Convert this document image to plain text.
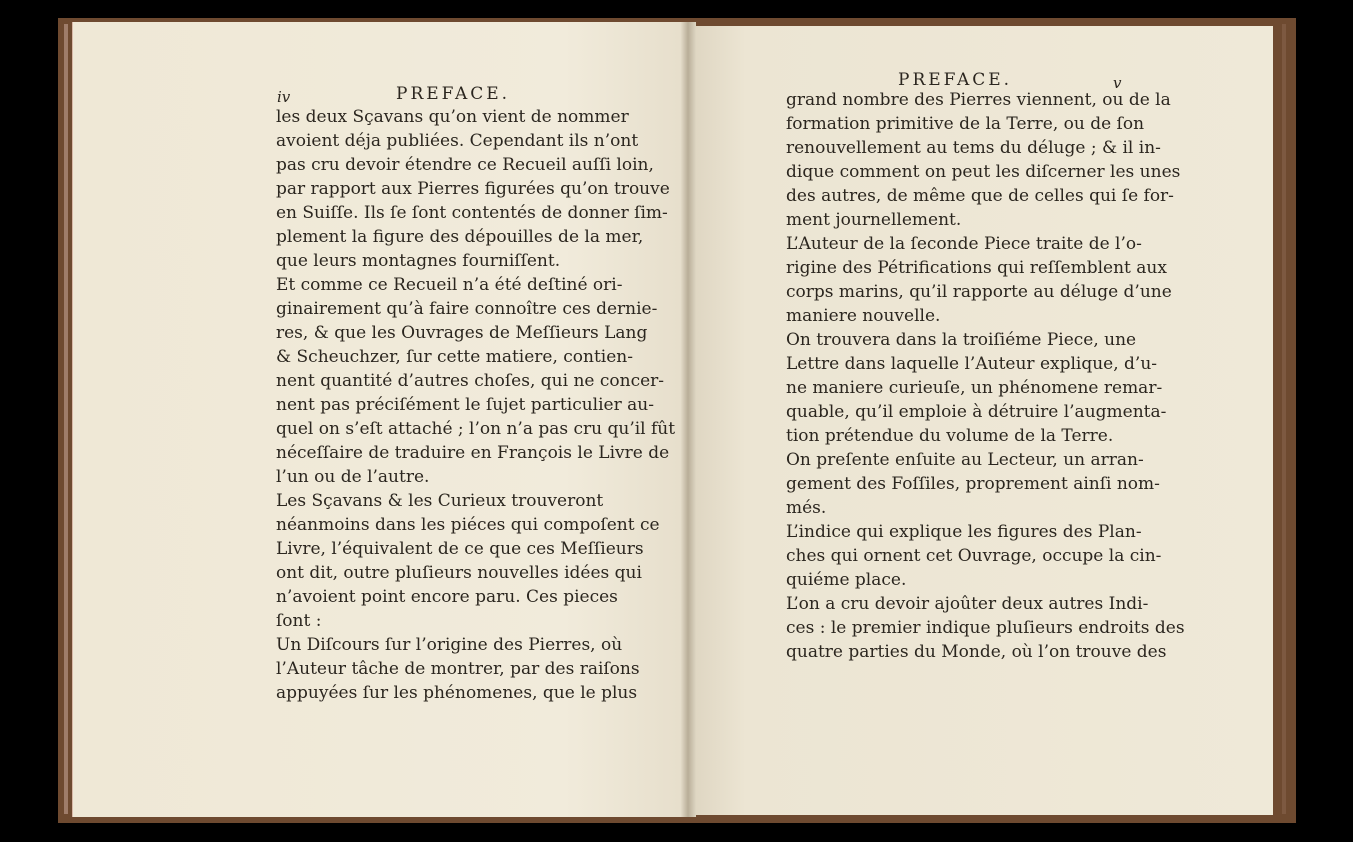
iv	PREFACE.
les deux Sçavans qu’on vient de nommer
avoient déja publiées. Cependant ils n’ont
pas cru devoir étendre ce Recueil auſſi loin,
par rapport aux Pierres figurées qu’on trouve
en Suiſſe. Ils ſe ſont contentés de donner ſim-
plement la figure des dépouilles de la mer,
que leurs montagnes fourniſſent.
Et comme ce Recueil n’a été deſtiné ori-
ginairement qu’à faire connoître ces dernie-
res, & que les Ouvrages de Meſſieurs Lang
& Scheuchzer, ſur cette matiere, contien-
nent quantité d’autres choſes, qui ne concer-
nent pas préciſément le ſujet particulier au-
quel on s’eſt attaché ; l’on n’a pas cru qu’il fût
néceſſaire de traduire en François le Livre de
l’un ou de l’autre.
Les Sçavans & les Curieux trouveront
néanmoins dans les piéces qui compoſent ce
Livre, l’équivalent de ce que ces Meſſieurs
ont dit, outre pluſieurs nouvelles idées qui
n’avoient point encore paru. Ces pieces
ſont :
Un Diſcours ſur l’origine des Pierres, où
l’Auteur tâche de montrer, par des raiſons
appuyées ſur les phénomenes, que le plus
PREFACE.	v
grand nombre des Pierres viennent, ou de la
formation primitive de la Terre, ou de ſon
renouvellement au tems du déluge ; & il in-
dique comment on peut les diſcerner les unes
des autres, de même que de celles qui ſe for-
ment journellement.
L’Auteur de la ſeconde Piece traite de l’o-
rigine des Pétrifications qui reſſemblent aux
corps marins, qu’il rapporte au déluge d’une
maniere nouvelle.
On trouvera dans la troiſiéme Piece, une
Lettre dans laquelle l’Auteur explique, d’u-
ne maniere curieuſe, un phénomene remar-
quable, qu’il emploie à détruire l’augmenta-
tion prétendue du volume de la Terre.
On preſente enſuite au Lecteur, un arran-
gement des Foſſiles, proprement ainſi nom-
més.
L’indice qui explique les figures des Plan-
ches qui ornent cet Ouvrage, occupe la cin-
quiéme place.
L’on a cru devoir ajoûter deux autres Indi-
ces : le premier indique pluſieurs endroits des
quatre parties du Monde, où l’on trouve des
